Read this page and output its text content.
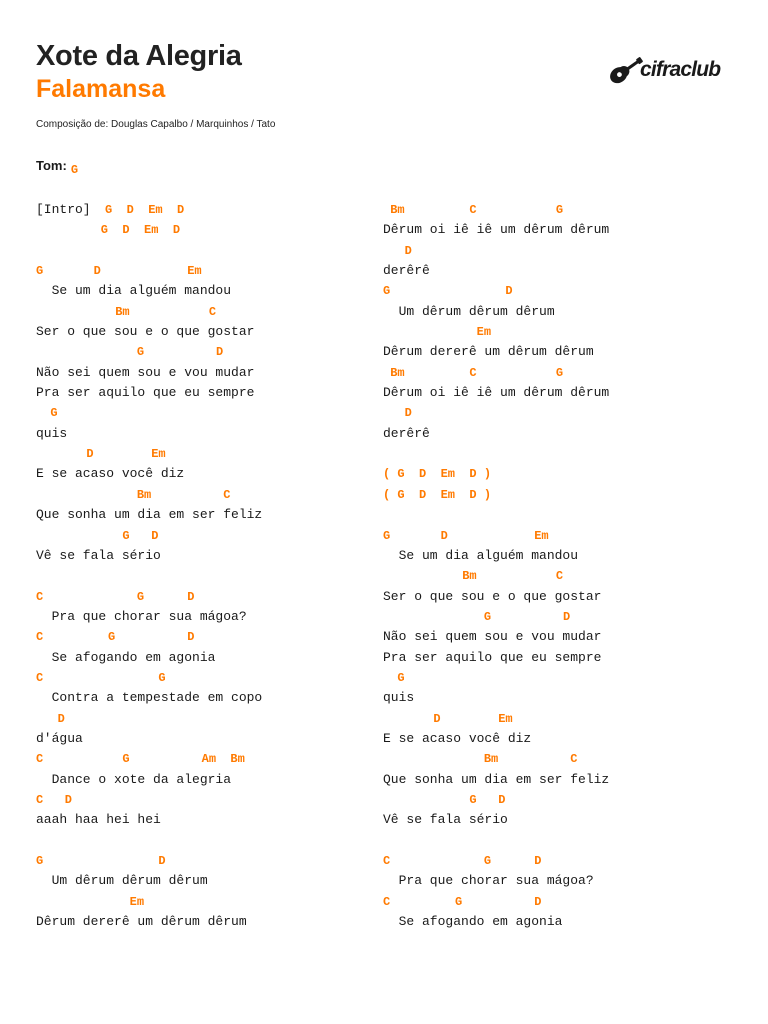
Xote da Alegria
Falamansa
Composição de: Douglas Capalbo / Marquinhos / Tato
cifraclub
Tom: G
[Intro]  G  D  Em  D
G  D  Em  D
G       D            Em
Se um dia alguém mandou
Bm           C
Ser o que sou e o que gostar
G          D
Não sei quem sou e vou mudar
Pra ser aquilo que eu sempre
G
quis
D        Em
E se acaso você diz
Bm          C
Que sonha um dia em ser feliz
G   D
Vê se fala sério
C             G      D
Pra que chorar sua mágoa?
C         G          D
Se afogando em agonia
C                G
Contra a tempestade em copo
D
d'água
C           G          Am  Bm
Dance o xote da alegria
C   D
aaah haa hei hei
G                D
Um dêrum dêrum dêrum
Em
Dêrum dererê um dêrum dêrum
Bm         C           G
Dêrum oi iê iê um dêrum dêrum
D
derêrê
G                D
Um dêrum dêrum dêrum
Em
Dêrum dererê um dêrum dêrum
Bm         C           G
Dêrum oi iê iê um dêrum dêrum
D
derêrê
( G  D  Em  D )
( G  D  Em  D )
G       D            Em
Se um dia alguém mandou
Bm           C
Ser o que sou e o que gostar
G          D
Não sei quem sou e vou mudar
Pra ser aquilo que eu sempre
G
quis
D        Em
E se acaso você diz
Bm          C
Que sonha um dia em ser feliz
G   D
Vê se fala sério
C             G      D
Pra que chorar sua mágoa?
C         G          D
Se afogando em agonia
